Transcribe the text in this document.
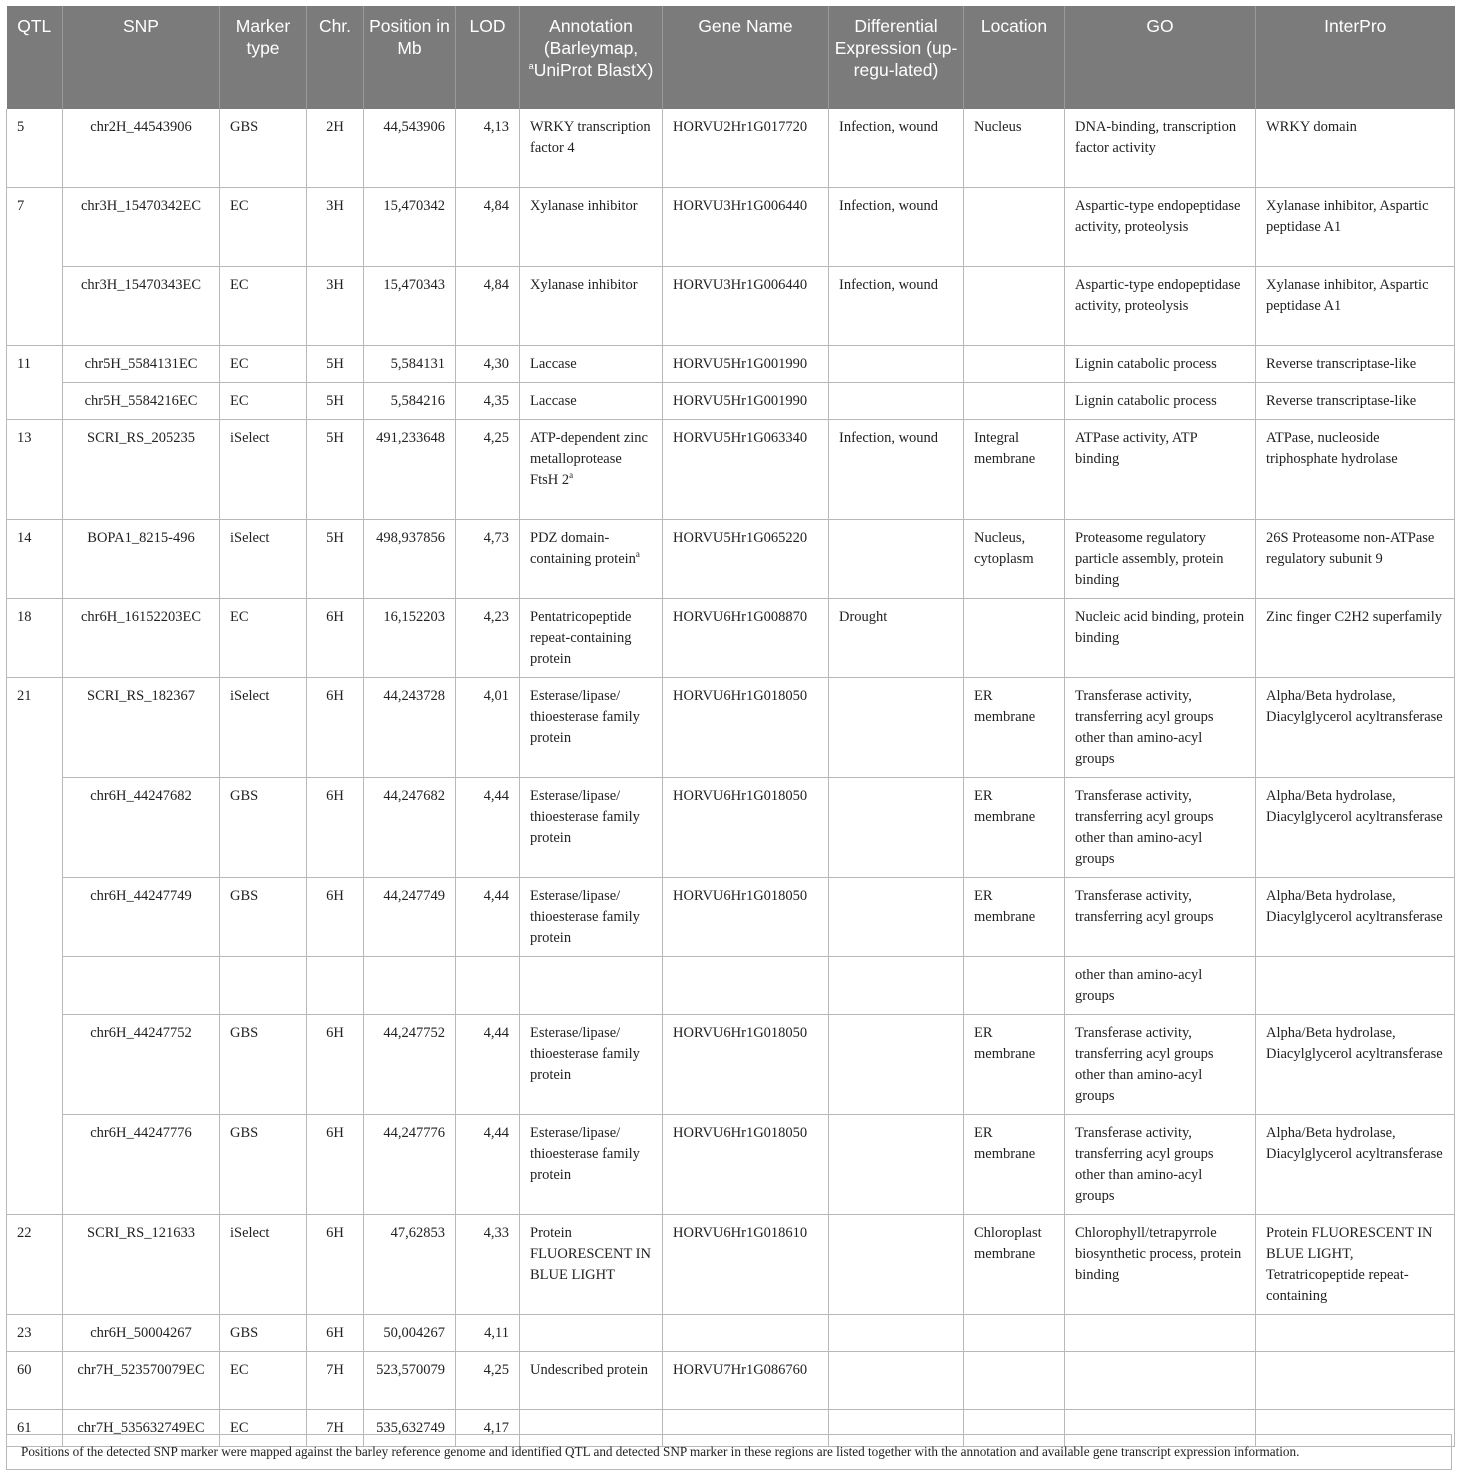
QTL	SNP	Marker type	Chr.	Position in Mb	LOD	Annotation (Barleymap, $^a$UniProt BlastX)	Gene Name	Differential Expression (up-regu-lated)	Location	GO	InterPro
5	chr2H_44543906	GBS	2H	44,543906	4,13	WRKY transcription factor 4	HORVU2Hr1G017720	Infection, wound	Nucleus	DNA-binding, transcription factor activity	WRKY domain
7	chr3H_15470342EC	EC	3H	15,470342	4,84	Xylanase inhibitor	HORVU3Hr1G006440	Infection, wound		Aspartic-type endopeptidase activity, proteolysis	Xylanase inhibitor, Aspartic peptidase A1
	chr3H_15470343EC	EC	3H	15,470343	4,84	Xylanase inhibitor	HORVU3Hr1G006440	Infection, wound		Aspartic-type endopeptidase activity, proteolysis	Xylanase inhibitor, Aspartic peptidase A1
11	chr5H_5584131EC	EC	5H	5,584131	4,30	Laccase	HORVU5Hr1G001990			Lignin catabolic process	Reverse transcriptase-like
	chr5H_5584216EC	EC	5H	5,584216	4,35	Laccase	HORVU5Hr1G001990			Lignin catabolic process	Reverse transcriptase-like
13	SCRI_RS_205235	iSelect	5H	491,233648	4,25	ATP-dependent zinc metalloprotease FtsH 2$^a$	HORVU5Hr1G063340	Infection, wound	Integral membrane	ATPase activity, ATP binding	ATPase, nucleoside triphosphate hydrolase
14	BOPA1_8215-496	iSelect	5H	498,937856	4,73	PDZ domain-containing protein$^a$	HORVU5Hr1G065220		Nucleus, cytoplasm	Proteasome regulatory particle assembly, protein binding	26S Proteasome non-ATPase regulatory subunit 9
18	chr6H_16152203EC	EC	6H	16,152203	4,23	Pentatricopeptide repeat-containing protein	HORVU6Hr1G008870	Drought		Nucleic acid binding, protein binding	Zinc finger C2H2 superfamily
21	SCRI_RS_182367	iSelect	6H	44,243728	4,01	Esterase/lipase/ thioesterase family protein	HORVU6Hr1G018050		ER membrane	Transferase activity, transferring acyl groups other than amino-acyl groups	Alpha/Beta hydrolase, Diacylglycerol acyltransferase
	chr6H_44247682	GBS	6H	44,247682	4,44	Esterase/lipase/ thioesterase family protein	HORVU6Hr1G018050		ER membrane	Transferase activity, transferring acyl groups other than amino-acyl groups	Alpha/Beta hydrolase, Diacylglycerol acyltransferase
	chr6H_44247749	GBS	6H	44,247749	4,44	Esterase/lipase/ thioesterase family protein	HORVU6Hr1G018050		ER membrane	Transferase activity, transferring acyl groups	Alpha/Beta hydrolase, Diacylglycerol acyltransferase
										other than amino-acyl groups	
	chr6H_44247752	GBS	6H	44,247752	4,44	Esterase/lipase/ thioesterase family protein	HORVU6Hr1G018050		ER membrane	Transferase activity, transferring acyl groups other than amino-acyl groups	Alpha/Beta hydrolase, Diacylglycerol acyltransferase
	chr6H_44247776	GBS	6H	44,247776	4,44	Esterase/lipase/ thioesterase family protein	HORVU6Hr1G018050		ER membrane	Transferase activity, transferring acyl groups other than amino-acyl groups	Alpha/Beta hydrolase, Diacylglycerol acyltransferase
22	SCRI_RS_121633	iSelect	6H	47,62853	4,33	Protein FLUORESCENT IN BLUE LIGHT	HORVU6Hr1G018610		Chloroplast membrane	Chlorophyll/tetrapyrrole biosynthetic process, protein binding	Protein FLUORESCENT IN BLUE LIGHT, Tetratricopeptide repeat-containing
23	chr6H_50004267	GBS	6H	50,004267	4,11						
60	chr7H_523570079EC	EC	7H	523,570079	4,25	Undescribed protein	HORVU7Hr1G086760				
61	chr7H_535632749EC	EC	7H	535,632749	4,17						
Positions of the detected SNP marker were mapped against the barley reference genome and identified QTL and detected SNP marker in these regions are listed together with the annotation and available gene transcript expression information.
